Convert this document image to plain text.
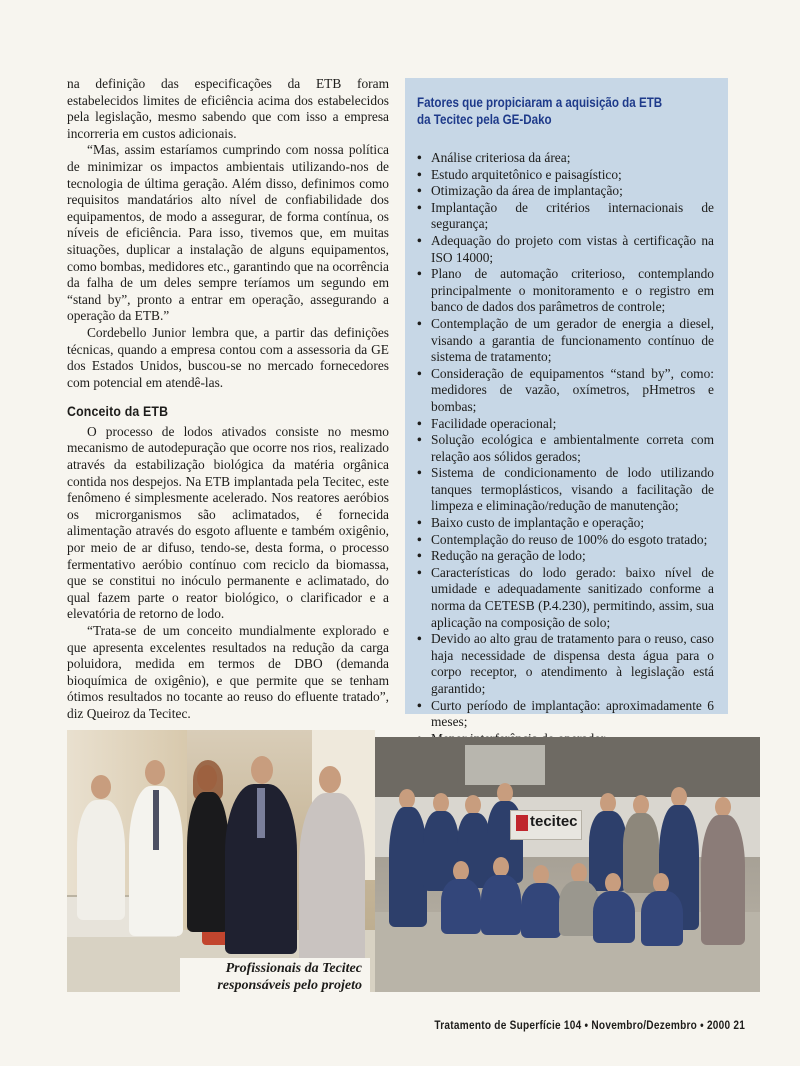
na definição das especificações da ETB foram estabelecidos limites de eficiência acima dos estabelecidos pela legislação, mesmo sabendo que com isso a empresa incorreria em custos adicionais.

“Mas, assim estaríamos cumprindo com nossa política de minimizar os impactos ambientais utilizando-nos de tecnologia de última geração. Além disso, definimos como requisitos mandatários alto nível de confiabilidade dos equipamentos, de modo a assegurar, de forma contínua, os níveis de eficiência. Para isso, tivemos que, em muitas situações, duplicar a instalação de alguns equipamentos, como bombas, medidores etc., garantindo que na ocorrência da falha de um deles sempre teríamos um segundo em “stand by”, pronto a entrar em operação, assegurando a operação da ETB.”

Cordebello Junior lembra que, a partir das definições técnicas, quando a empresa contou com a assessoria da GE dos Estados Unidos, buscou-se no mercado fornecedores com potencial em atendê-las.

Conceito da ETB

O processo de lodos ativados consiste no mesmo mecanismo de autodepuração que ocorre nos rios, realizado através da estabilização biológica da matéria orgânica contida nos despejos. Na ETB implantada pela Tecitec, este fenômeno é simplesmente acelerado. Nos reatores aeróbios os microrganismos são aclimatados, é fornecida alimentação através do esgoto afluente e também oxigênio, por meio de ar difuso, tendo-se, desta forma, o processo fermentativo aeróbio contínuo com reciclo da biomassa, que se constitui no inóculo permanente e aclimatado, do qual fazem parte o reator biológico, o clarificador e a elevatória de retorno de lodo.

“Trata-se de um conceito mundialmente explorado e que apresenta excelentes resultados na redução da carga poluidora, medida em termos de DBO (demanda bioquímica de oxigênio), e que permite que se tenham ótimos resultados no tocante ao reuso do efluente tratado”, diz Queiroz da Tecitec.

Fatores que propiciaram a aquisição da ETB
da Tecitec pela GE-Dako
• Análise criteriosa da área;
• Estudo arquitetônico e paisagístico;
• Otimização da área de implantação;
• Implantação de critérios internacionais de segurança;
• Adequação do projeto com vistas à certificação na ISO 14000;
• Plano de automação criterioso, contemplando principalmente o monitoramento e o registro em banco de dados dos parâmetros de controle;
• Contemplação de um gerador de energia a diesel, visando a garantia de funcionamento contínuo de sistema de tratamento;
• Consideração de equipamentos “stand by”, como: medidores de vazão, oxímetros, pHmetros e bombas;
• Facilidade operacional;
• Solução ecológica e ambientalmente correta com relação aos sólidos gerados;
• Sistema de condicionamento de lodo utilizando tanques termoplásticos, visando a facilitação de limpeza e eliminação/redução de manutenção;
• Baixo custo de implantação e operação;
• Contemplação do reuso de 100% do esgoto tratado;
• Redução na geração de lodo;
• Características do lodo gerado: baixo nível de umidade e adequadamente sanitizado conforme a norma da CETESB (P.4.230), permitindo, assim, sua aplicação na composição de solo;
• Devido ao alto grau de tratamento para o reuso, caso haja necessidade de dispensa desta água para o corpo receptor, o atendimento à legislação está garantido;
• Curto período de implantação: aproximadamente 6 meses;
tecitec
Profissionais da Tecitec
responsáveis pelo projeto
Tratamento de Superfície 104 • Novembro/Dezembro • 2000 21
